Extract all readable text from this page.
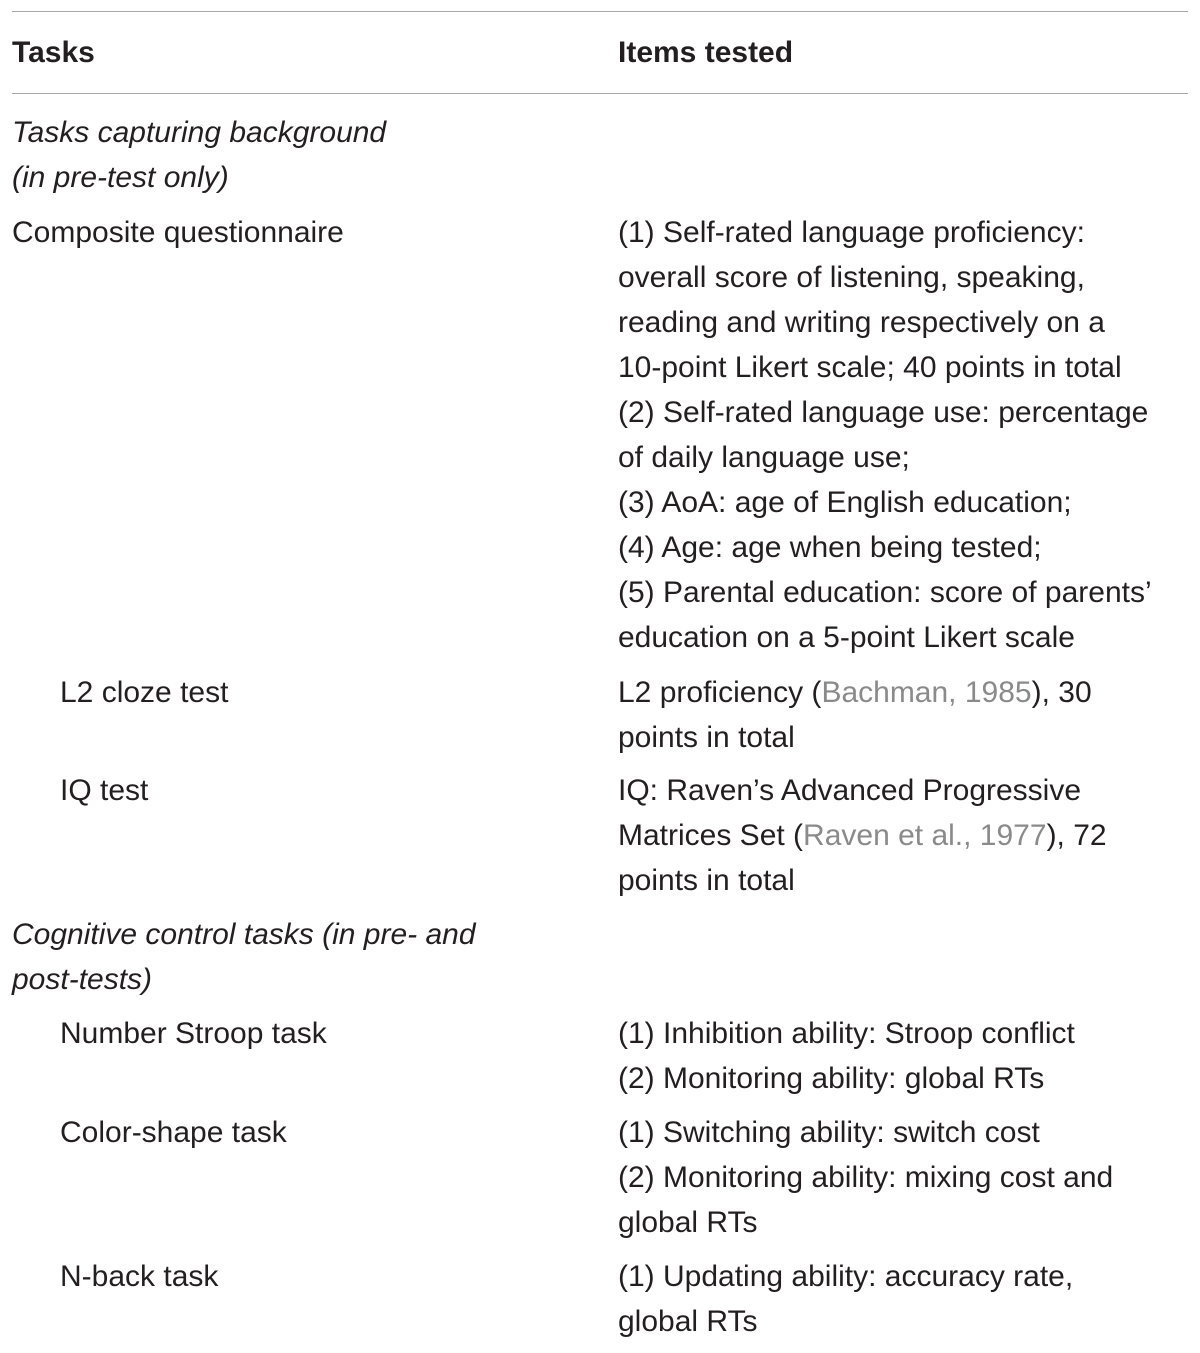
Tasks	Items tested
Tasks capturing background
(in pre-test only)
Composite questionnaire	(1) Self-rated language proficiency:
overall score of listening, speaking,
reading and writing respectively on a
10-point Likert scale; 40 points in total
(2) Self-rated language use: percentage
of daily language use;
(3) AoA: age of English education;
(4) Age: age when being tested;
(5) Parental education: score of parents’
education on a 5-point Likert scale
L2 cloze test	L2 proficiency (Bachman, 1985), 30
points in total
IQ test	IQ: Raven’s Advanced Progressive
Matrices Set (Raven et al., 1977), 72
points in total
Cognitive control tasks (in pre- and
post-tests)
Number Stroop task	(1) Inhibition ability: Stroop conflict
(2) Monitoring ability: global RTs
Color-shape task	(1) Switching ability: switch cost
(2) Monitoring ability: mixing cost and
global RTs
N-back task	(1) Updating ability: accuracy rate,
global RTs
